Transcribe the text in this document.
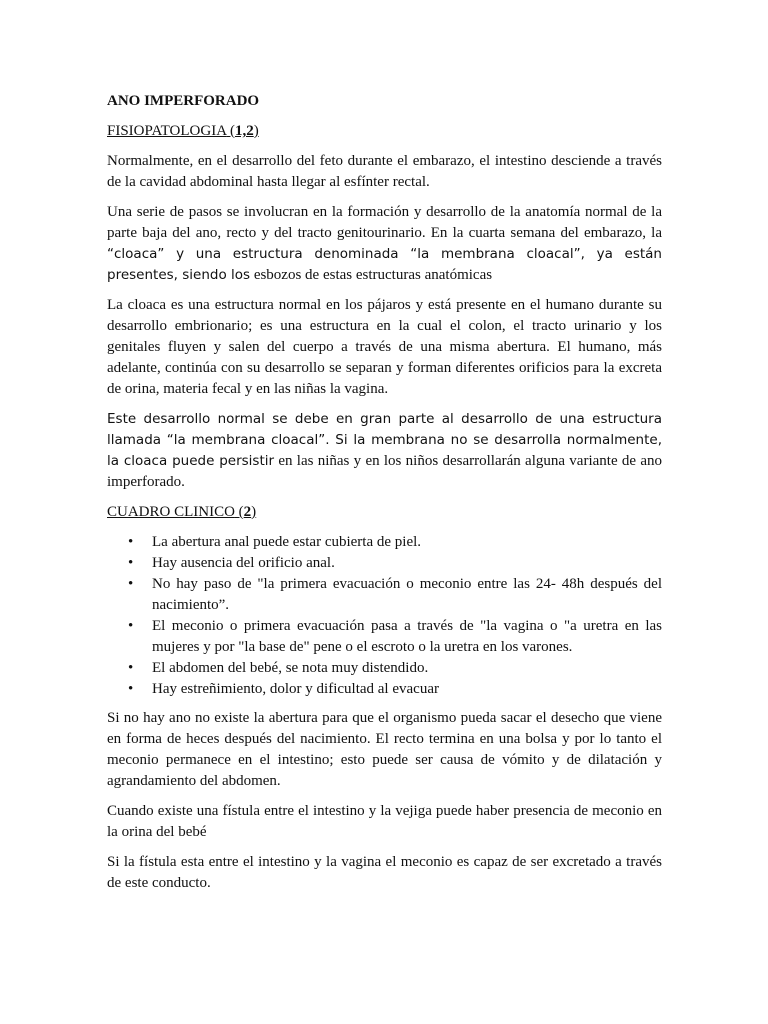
ANO IMPERFORADO

FISIOPATOLOGIA (1,2)

Normalmente, en el desarrollo del feto durante el embarazo, el intestino desciende a través de la cavidad abdominal hasta llegar al esfínter rectal.

Una serie de pasos se involucran en la formación y desarrollo de la anatomía normal de la parte baja del ano, recto y del tracto genitourinario. En la cuarta semana del embarazo, la “cloaca” y una estructura denominada “la membrana cloacal”, ya están presentes, siendo los esbozos de estas estructuras anatómicas

La cloaca es una estructura normal en los pájaros y está presente en el humano durante su desarrollo embrionario; es una estructura en la cual el colon, el tracto urinario y los genitales fluyen y salen del cuerpo a través de una misma abertura. El humano, más adelante, continúa con su desarrollo se separan y forman diferentes orificios para la excreta de orina, materia fecal y en las niñas la vagina.

Este desarrollo normal se debe en gran parte al desarrollo de una estructura llamada “la membrana cloacal”. Si la membrana no se desarrolla normalmente, la cloaca puede persistir en las niñas y en los niños desarrollarán alguna variante de ano imperforado.

CUADRO CLINICO (2)

• La abertura anal puede estar cubierta de piel.
• Hay ausencia del orificio anal.
• No hay paso de "la primera evacuación o meconio entre las 24- 48h después del nacimiento”.
• El meconio o primera evacuación pasa a través de "la vagina o "a uretra en las mujeres y por "la base de" pene o el escroto o la uretra en los varones.
• El abdomen del bebé, se nota muy distendido.
• Hay estreñimiento, dolor y dificultad al evacuar

Si no hay ano no existe la abertura para que el organismo pueda sacar el desecho que viene en forma de heces después del nacimiento. El recto termina en una bolsa y por lo tanto el meconio permanece en el intestino; esto puede ser causa de vómito y de dilatación y agrandamiento del abdomen.

Cuando existe una fístula entre el intestino y la vejiga puede haber presencia de meconio en la orina del bebé

Si la fístula esta entre el intestino y la vagina el meconio es capaz de ser excretado a través de este conducto.
